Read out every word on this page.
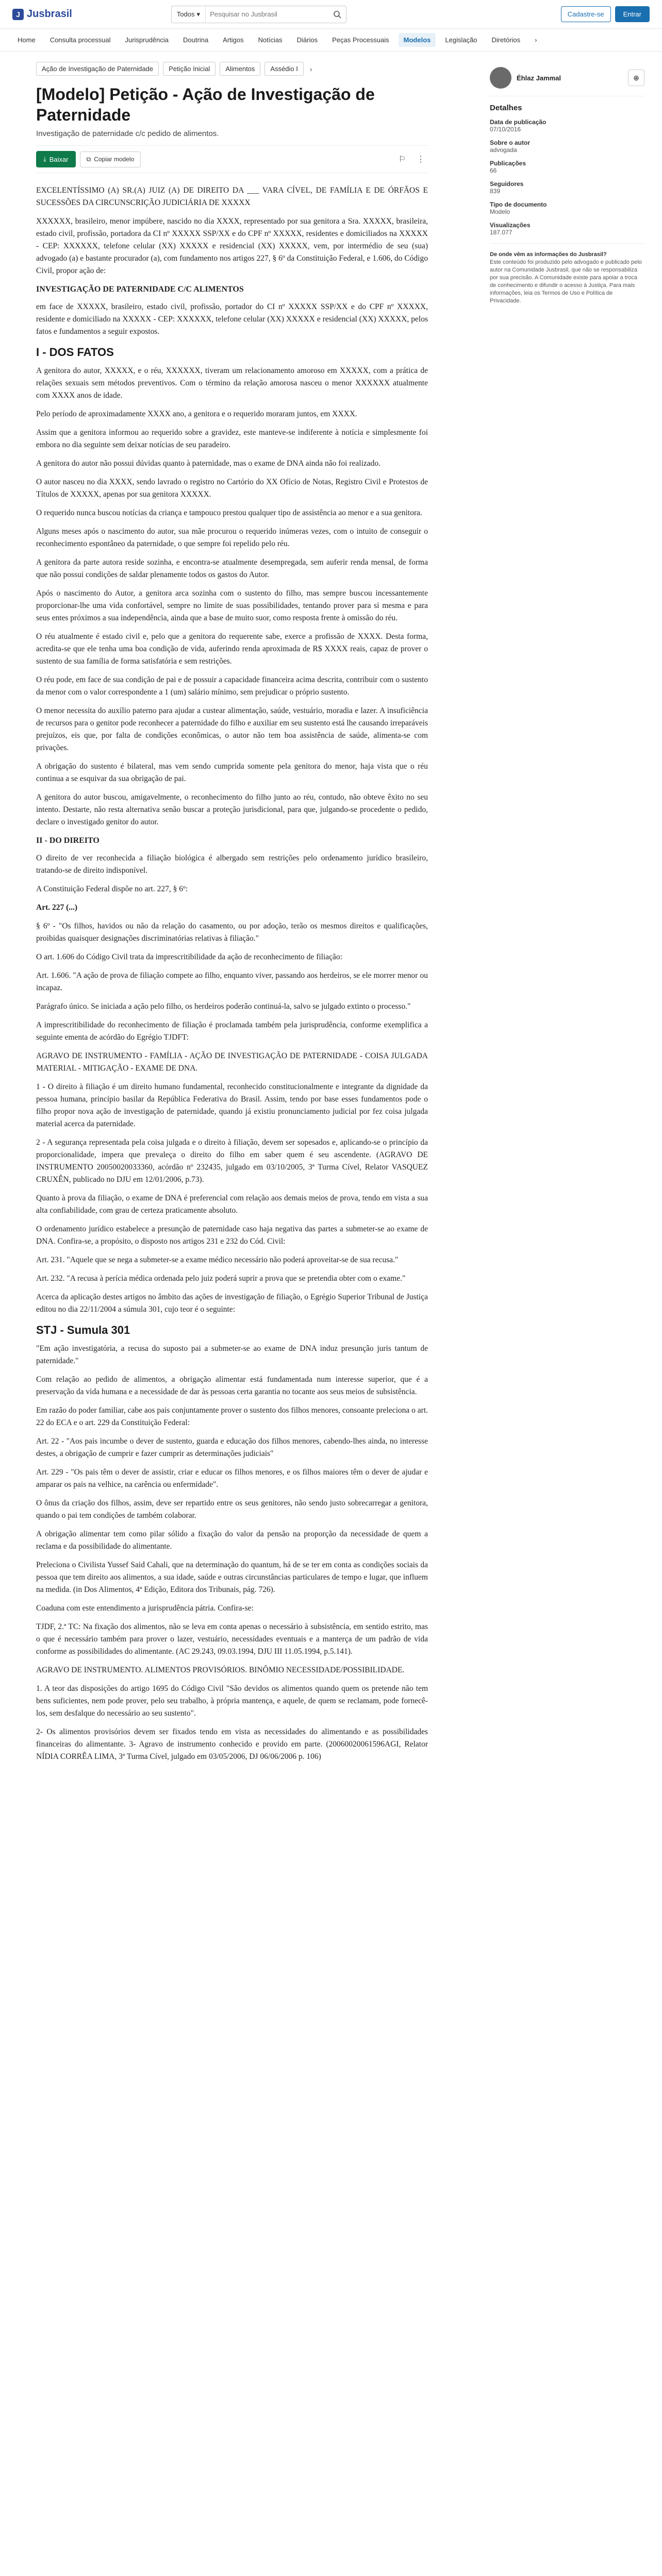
J Jusbrasil	Todos ▾
Pesquisar no Jusbrasil	Cadastre-se	Entrar
Home	Consulta processual	Jurisprudência	Doutrina	Artigos	Notícias	Diários	Peças Processuais	Modelos	Legislação	Diretórios	›
Ação de Investigação de Paternidade	Petição Inicial	Alimentos	Assédio I	›
[Modelo] Petição - Ação de Investigação de Paternidade
Investigação de paternidade c/c pedido de alimentos.
⤓ Baixar	⧉ Copiar modelo	⚐	⋮

EXCELENTÍSSIMO (A) SR.(A) JUIZ (A) DE DIREITO DA ___ VARA CÍVEL, DE FAMÍLIA E DE ÓRFÃOS E SUCESSÕES DA CIRCUNSCRIÇÃO JUDICIÁRIA DE XXXXX

XXXXXX, brasileiro, menor impúbere, nascido no dia XXXX, representado por sua genitora a Sra. XXXXX, brasileira, estado civil, profissão, portadora da CI nº XXXXX SSP/XX e do CPF nº XXXXX, residentes e domiciliados na XXXXX - CEP: XXXXXX, telefone celular (XX) XXXXX e residencial (XX) XXXXX, vem, por intermédio de seu (sua) advogado (a) e bastante procurador (a), com fundamento nos artigos 227, § 6º da Constituição Federal, e 1.606, do Código Civil, propor ação de:

INVESTIGAÇÃO DE PATERNIDADE C/C ALIMENTOS

em face de XXXXX, brasileiro, estado civil, profissão, portador do CI nº XXXXX SSP/XX e do CPF nº XXXXX, residente e domiciliado na XXXXX - CEP: XXXXXX, telefone celular (XX) XXXXX e residencial (XX) XXXXX, pelos fatos e fundamentos a seguir expostos.

I - DOS FATOS

A genitora do autor, XXXXX, e o réu, XXXXXX, tiveram um relacionamento amoroso em XXXXX, com a prática de relações sexuais sem métodos preventivos. Com o término da relação amorosa nasceu o menor XXXXXX atualmente com XXXX anos de idade.

Pelo período de aproximadamente XXXX ano, a genitora e o requerido moraram juntos, em XXXX.

Assim que a genitora informou ao requerido sobre a gravidez, este manteve-se indiferente à notícia e simplesmente foi embora no dia seguinte sem deixar notícias de seu paradeiro.

A genitora do autor não possui dúvidas quanto à paternidade, mas o exame de DNA ainda não foi realizado.

O autor nasceu no dia XXXX, sendo lavrado o registro no Cartório do XX Ofício de Notas, Registro Civil e Protestos de Títulos de XXXXX, apenas por sua genitora XXXXX.

O requerido nunca buscou notícias da criança e tampouco prestou qualquer tipo de assistência ao menor e a sua genitora.

Alguns meses após o nascimento do autor, sua mãe procurou o requerido inúmeras vezes, com o intuito de conseguir o reconhecimento espontâneo da paternidade, o que sempre foi repelido pelo réu.

A genitora da parte autora reside sozinha, e encontra-se atualmente desempregada, sem auferir renda mensal, de forma que não possui condições de saldar plenamente todos os gastos do Autor.

Após o nascimento do Autor, a genitora arca sozinha com o sustento do filho, mas sempre buscou incessantemente proporcionar-lhe uma vida confortável, sempre no limite de suas possibilidades, tentando prover para si mesma e para seus entes próximos a sua independência, ainda que a base de muito suor, como resposta frente à omissão do réu.

O réu atualmente é estado civil e, pelo que a genitora do requerente sabe, exerce a profissão de XXXX. Desta forma, acredita-se que ele tenha uma boa condição de vida, auferindo renda aproximada de R$ XXXX reais, capaz de prover o sustento de sua família de forma satisfatória e sem restrições.

O réu pode, em face de sua condição de pai e de possuir a capacidade financeira acima descrita, contribuir com o sustento da menor com o valor correspondente a 1 (um) salário mínimo, sem prejudicar o próprio sustento.

O menor necessita do auxílio paterno para ajudar a custear alimentação, saúde, vestuário, moradia e lazer. A insuficiência de recursos para o genitor pode reconhecer a paternidade do filho e auxiliar em seu sustento está lhe causando irreparáveis prejuízos, eis que, por falta de condições econômicas, o autor não tem boa assistência de saúde, alimenta-se com privações.

A obrigação do sustento é bilateral, mas vem sendo cumprida somente pela genitora do menor, haja vista que o réu continua a se esquivar da sua obrigação de pai.

A genitora do autor buscou, amigavelmente, o reconhecimento do filho junto ao réu, contudo, não obteve êxito no seu intento. Destarte, não resta alternativa senão buscar a proteção jurisdicional, para que, julgando-se procedente o pedido, declare o investigado genitor do autor.

II - DO DIREITO

O direito de ver reconhecida a filiação biológica é albergado sem restrições pelo ordenamento jurídico brasileiro, tratando-se de direito indisponível.

A Constituição Federal dispõe no art. 227, § 6º:

Art. 227 (...)

§ 6º - "Os filhos, havidos ou não da relação do casamento, ou por adoção, terão os mesmos direitos e qualificações, proibidas quaisquer designações discriminatórias relativas à filiação."

O art. 1.606 do Código Civil trata da imprescritibilidade da ação de reconhecimento de filiação:

Art. 1.606. "A ação de prova de filiação compete ao filho, enquanto viver, passando aos herdeiros, se ele morrer menor ou incapaz.

Parágrafo único. Se iniciada a ação pelo filho, os herdeiros poderão continuá-la, salvo se julgado extinto o processo."

A imprescritibilidade do reconhecimento de filiação é proclamada também pela jurisprudência, conforme exemplifica a seguinte ementa de acórdão do Egrégio TJDFT:

AGRAVO DE INSTRUMENTO - FAMÍLIA - AÇÃO DE INVESTIGAÇÃO DE PATERNIDADE - COISA JULGADA MATERIAL - MITIGAÇÃO - EXAME DE DNA.

1 - O direito à filiação é um direito humano fundamental, reconhecido constitucionalmente e integrante da dignidade da pessoa humana, princípio basilar da República Federativa do Brasil. Assim, tendo por base esses fundamentos pode o filho propor nova ação de investigação de paternidade, quando já existiu pronunciamento judicial por fez coisa julgada material acerca da paternidade.

2 - A segurança representada pela coisa julgada e o direito à filiação, devem ser sopesados e, aplicando-se o princípio da proporcionalidade, impera que prevaleça o direito do filho em saber quem é seu ascendente. (AGRAVO DE INSTRUMENTO 20050020033360, acórdão nº 232435, julgado em 03/10/2005, 3ª Turma Cível, Relator VASQUEZ CRUXÊN, publicado no DJU em 12/01/2006, p.73).

Quanto à prova da filiação, o exame de DNA é preferencial com relação aos demais meios de prova, tendo em vista a sua alta confiabilidade, com grau de certeza praticamente absoluto.

O ordenamento jurídico estabelece a presunção de paternidade caso haja negativa das partes a submeter-se ao exame de DNA. Confira-se, a propósito, o disposto nos artigos 231 e 232 do Cód. Civil:

Art. 231. "Aquele que se nega a submeter-se a exame médico necessário não poderá aproveitar-se de sua recusa."

Art. 232. "A recusa à perícia médica ordenada pelo juiz poderá suprir a prova que se pretendia obter com o exame."

Acerca da aplicação destes artigos no âmbito das ações de investigação de filiação, o Egrégio Superior Tribunal de Justiça editou no dia 22/11/2004 a súmula 301, cujo teor é o seguinte:

STJ - Sumula 301

"Em ação investigatória, a recusa do suposto pai a submeter-se ao exame de DNA induz presunção juris tantum de paternidade."

Com relação ao pedido de alimentos, a obrigação alimentar está fundamentada num interesse superior, que é a preservação da vida humana e a necessidade de dar às pessoas certa garantia no tocante aos seus meios de subsistência.

Em razão do poder familiar, cabe aos pais conjuntamente prover o sustento dos filhos menores, consoante preleciona o art. 22 do ECA e o art. 229 da Constituição Federal:

Art. 22 - "Aos pais incumbe o dever de sustento, guarda e educação dos filhos menores, cabendo-lhes ainda, no interesse destes, a obrigação de cumprir e fazer cumprir as determinações judiciais"

Art. 229 - "Os pais têm o dever de assistir, criar e educar os filhos menores, e os filhos maiores têm o dever de ajudar e amparar os pais na velhice, na carência ou enfermidade".

O ônus da criação dos filhos, assim, deve ser repartido entre os seus genitores, não sendo justo sobrecarregar a genitora, quando o pai tem condições de também colaborar.

A obrigação alimentar tem como pilar sólido a fixação do valor da pensão na proporção da necessidade de quem a reclama e da possibilidade do alimentante.

Preleciona o Civilista Yussef Said Cahali, que na determinação do quantum, há de se ter em conta as condições sociais da pessoa que tem direito aos alimentos, a sua idade, saúde e outras circunstâncias particulares de tempo e lugar, que influem na medida. (in Dos Alimentos, 4ª Edição, Editora dos Tribunais, pág. 726).

Coaduna com este entendimento a jurisprudência pátria. Confira-se:

TJDF, 2.ª TC: Na fixação dos alimentos, não se leva em conta apenas o necessário à subsistência, em sentido estrito, mas o que é necessário também para prover o lazer, vestuário, necessidades eventuais e a manterça de um padrão de vida conforme as possibilidades do alimentante. (AC 29.243, 09.03.1994, DJU III 11.05.1994, p.5.141).

AGRAVO DE INSTRUMENTO. ALIMENTOS PROVISÓRIOS. BINÔMIO NECESSIDADE/POSSIBILIDADE.

1. A teor das disposições do artigo 1695 do Código Civil "São devidos os alimentos quando quem os pretende não tem bens suficientes, nem pode prover, pelo seu trabalho, à própria mantença, e aquele, de quem se reclamam, pode fornecê-los, sem desfalque do necessário ao seu sustento".

2- Os alimentos provisórios devem ser fixados tendo em vista as necessidades do alimentando e as possibilidades financeiras do alimentante. 3- Agravo de instrumento conhecido e provido em parte. (20060020061596AGI, Relator NÍDIA CORRÊA LIMA, 3ª Turma Cível, julgado em 03/05/2006, DJ 06/06/2006 p. 106)

Éhlaz Jammal	⊕
Detalhes
Data de publicação
07/10/2016
Sobre o autor
advogada
Publicações
66
Seguidores
839
Tipo de documento
Modelo
Visualizações
187.077
De onde vêm as informações do Jusbrasil?
Este conteúdo foi produzido pelo advogado e publicado pelo autor na Comunidade Jusbrasil, que não se responsabiliza por sua precisão. A Comunidade existe para apoiar a troca de conhecimento e difundir o acesso à Justiça. Para mais informações, leia os Termos de Uso e Política de Privacidade.
